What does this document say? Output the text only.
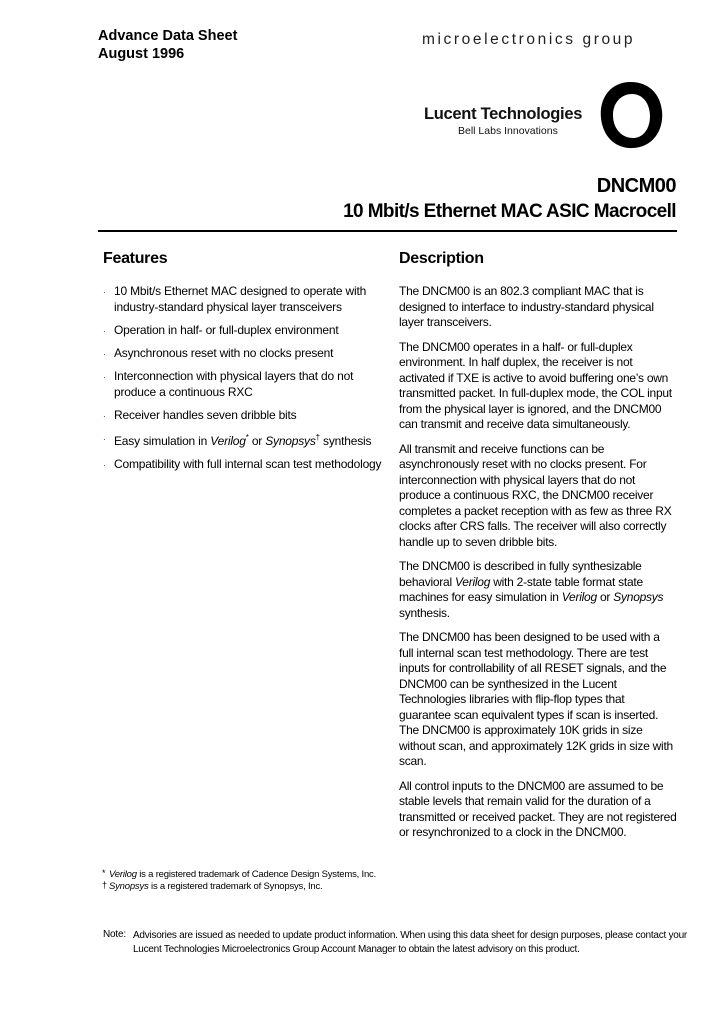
Advance Data Sheet
August 1996
microelectronics group
Lucent Technologies
Bell Labs Innovations
DNCM00
10 Mbit/s Ethernet MAC ASIC Macrocell
Features
· 10 Mbit/s Ethernet MAC designed to operate with industry-standard physical layer transceivers
· Operation in half- or full-duplex environment
· Asynchronous reset with no clocks present
· Interconnection with physical layers that do not produce a continuous RXC
· Receiver handles seven dribble bits
· Easy simulation in Verilog* or Synopsys† synthesis
· Compatibility with full internal scan test methodology
Description

The DNCM00 is an 802.3 compliant MAC that is designed to interface to industry-standard physical layer transceivers.

The DNCM00 operates in a half- or full-duplex environment. In half duplex, the receiver is not activated if TXE is active to avoid buffering one’s own transmitted packet. In full-duplex mode, the COL input from the physical layer is ignored, and the DNCM00 can transmit and receive data simultaneously.

All transmit and receive functions can be asynchronously reset with no clocks present. For interconnection with physical layers that do not produce a continuous RXC, the DNCM00 receiver completes a packet reception with as few as three RX clocks after CRS falls. The receiver will also correctly handle up to seven dribble bits.

The DNCM00 is described in fully synthesizable behavioral Verilog with 2-state table format state machines for easy simulation in Verilog or Synopsys synthesis.

The DNCM00 has been designed to be used with a full internal scan test methodology. There are test inputs for controllability of all RESET signals, and the DNCM00 can be synthesized in the Lucent Technologies libraries with flip-flop types that guarantee scan equivalent types if scan is inserted. The DNCM00 is approximately 10K grids in size without scan, and approximately 12K grids in size with scan.

All control inputs to the DNCM00 are assumed to be stable levels that remain valid for the duration of a transmitted or received packet. They are not registered or resynchronized to a clock in the DNCM00.

* Verilog is a registered trademark of Cadence Design Systems, Inc.
† Synopsys is a registered trademark of Synopsys, Inc.
Note: Advisories are issued as needed to update product information. When using this data sheet for design purposes, please contact your Lucent Technologies Microelectronics Group Account Manager to obtain the latest advisory on this product.
